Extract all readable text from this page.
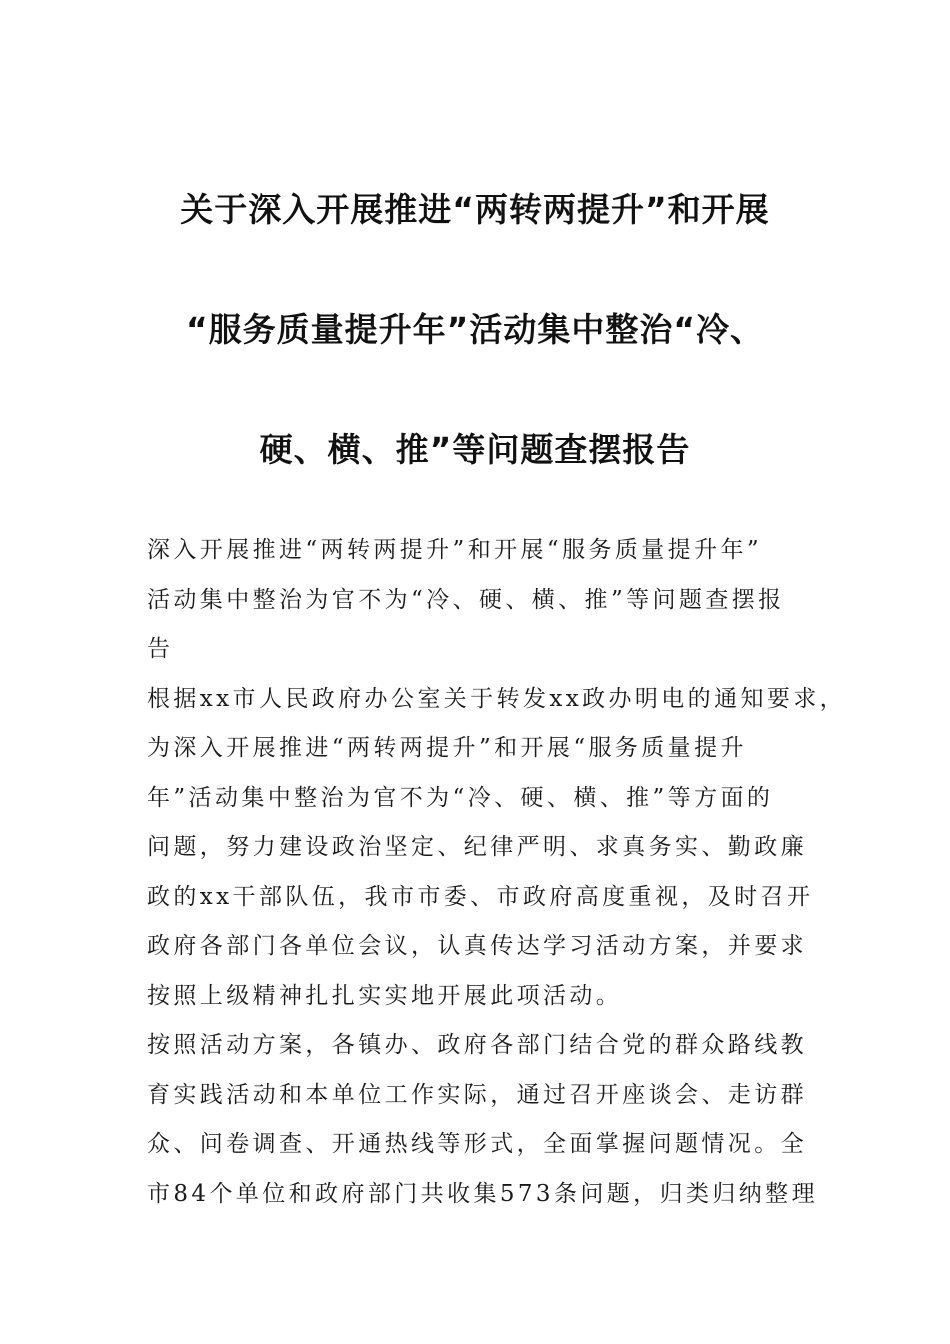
关于深入开展推进“两转两提升”和开展
“服务质量提升年”活动集中整治“冷、
硬、横、推”等问题查摆报告

深入开展推进“两转两提升”和开展“服务质量提升年”
活动集中整治为官不为“冷、硬、横、推”等问题查摆报
告

根据xx市人民政府办公室关于转发xx政办明电的通知要求，
为深入开展推进“两转两提升”和开展“服务质量提升
年”活动集中整治为官不为“冷、硬、横、推”等方面的
问题，努力建设政治坚定、纪律严明、求真务实、勤政廉
政的xx干部队伍，我市市委、市政府高度重视，及时召开
政府各部门各单位会议，认真传达学习活动方案，并要求
按照上级精神扎扎实实地开展此项活动。

按照活动方案，各镇办、政府各部门结合党的群众路线教
育实践活动和本单位工作实际，通过召开座谈会、走访群
众、问卷调查、开通热线等形式，全面掌握问题情况。全
市84个单位和政府部门共收集573条问题，归类归纳整理
